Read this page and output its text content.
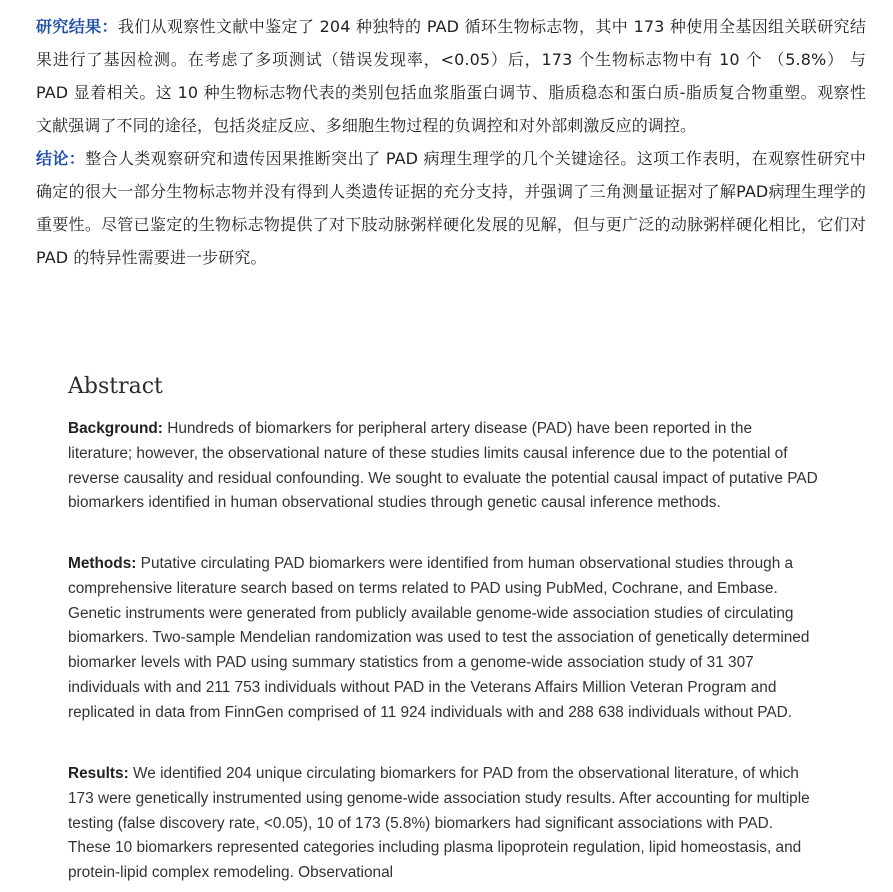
研究结果：我们从观察性文献中鉴定了 204 种独特的 PAD 循环生物标志物，其中 173 种使用全基因组关联研究结果进行了基因检测。在考虑了多项测试（错误发现率，<0.05）后，173 个生物标志物中有 10 个 （5.8%） 与 PAD 显着相关。这 10 种生物标志物代表的类别包括血浆脂蛋白调节、脂质稳态和蛋白质-脂质复合物重塑。观察性文献强调了不同的途径，包括炎症反应、多细胞生物过程的负调控和对外部刺激反应的调控。

结论：整合人类观察研究和遗传因果推断突出了 PAD 病理生理学的几个关键途径。这项工作表明，在观察性研究中确定的很大一部分生物标志物并没有得到人类遗传证据的充分支持，并强调了三角测量证据对了解PAD病理生理学的重要性。尽管已鉴定的生物标志物提供了对下肢动脉粥样硬化发展的见解，但与更广泛的动脉粥样硬化相比，它们对 PAD 的特异性需要进一步研究。

Abstract

Background: Hundreds of biomarkers for peripheral artery disease (PAD) have been reported in the literature; however, the observational nature of these studies limits causal inference due to the potential of reverse causality and residual confounding. We sought to evaluate the potential causal impact of putative PAD biomarkers identified in human observational studies through genetic causal inference methods.

Methods: Putative circulating PAD biomarkers were identified from human observational studies through a comprehensive literature search based on terms related to PAD using PubMed, Cochrane, and Embase. Genetic instruments were generated from publicly available genome-wide association studies of circulating biomarkers. Two-sample Mendelian randomization was used to test the association of genetically determined biomarker levels with PAD using summary statistics from a genome-wide association study of 31 307 individuals with and 211 753 individuals without PAD in the Veterans Affairs Million Veteran Program and replicated in data from FinnGen comprised of 11 924 individuals with and 288 638 individuals without PAD.

Results: We identified 204 unique circulating biomarkers for PAD from the observational literature, of which 173 were genetically instrumented using genome-wide association study results. After accounting for multiple testing (false discovery rate, <0.05), 10 of 173 (5.8%) biomarkers had significant associations with PAD. These 10 biomarkers represented categories including plasma lipoprotein regulation, lipid homeostasis, and protein-lipid complex remodeling. Observational
